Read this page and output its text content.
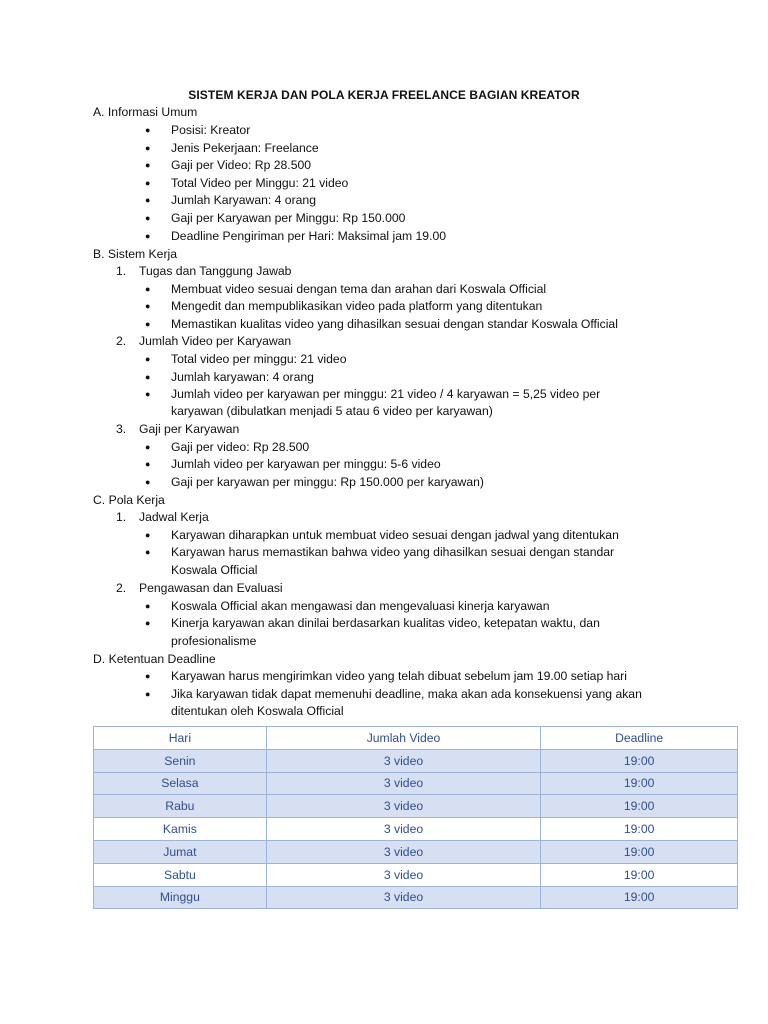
SISTEM KERJA DAN POLA KERJA FREELANCE BAGIAN KREATOR
A. Informasi Umum
● Posisi: Kreator
● Jenis Pekerjaan: Freelance
● Gaji per Video: Rp 28.500
● Total Video per Minggu: 21 video
● Jumlah Karyawan: 4 orang
● Gaji per Karyawan per Minggu: Rp 150.000
● Deadline Pengiriman per Hari: Maksimal jam 19.00
B. Sistem Kerja
1. Tugas dan Tanggung Jawab
● Membuat video sesuai dengan tema dan arahan dari Koswala Official
● Mengedit dan mempublikasikan video pada platform yang ditentukan
● Memastikan kualitas video yang dihasilkan sesuai dengan standar Koswala Official
2. Jumlah Video per Karyawan
● Total video per minggu: 21 video
● Jumlah karyawan: 4 orang
● Jumlah video per karyawan per minggu: 21 video / 4 karyawan = 5,25 video per
karyawan (dibulatkan menjadi 5 atau 6 video per karyawan)
3. Gaji per Karyawan
● Gaji per video: Rp 28.500
● Jumlah video per karyawan per minggu: 5-6 video
● Gaji per karyawan per minggu: Rp 150.000 per karyawan)
C. Pola Kerja
1. Jadwal Kerja
● Karyawan diharapkan untuk membuat video sesuai dengan jadwal yang ditentukan
● Karyawan harus memastikan bahwa video yang dihasilkan sesuai dengan standar
Koswala Official
2. Pengawasan dan Evaluasi
● Koswala Official akan mengawasi dan mengevaluasi kinerja karyawan
● Kinerja karyawan akan dinilai berdasarkan kualitas video, ketepatan waktu, dan
profesionalisme
D. Ketentuan Deadline
● Karyawan harus mengirimkan video yang telah dibuat sebelum jam 19.00 setiap hari
● Jika karyawan tidak dapat memenuhi deadline, maka akan ada konsekuensi yang akan
ditentukan oleh Koswala Official
Hari	Jumlah Video	Deadline
Senin	3 video	19:00
Selasa	3 video	19:00
Rabu	3 video	19:00
Kamis	3 video	19:00
Jumat	3 video	19:00
Sabtu	3 video	19:00
Minggu	3 video	19:00
